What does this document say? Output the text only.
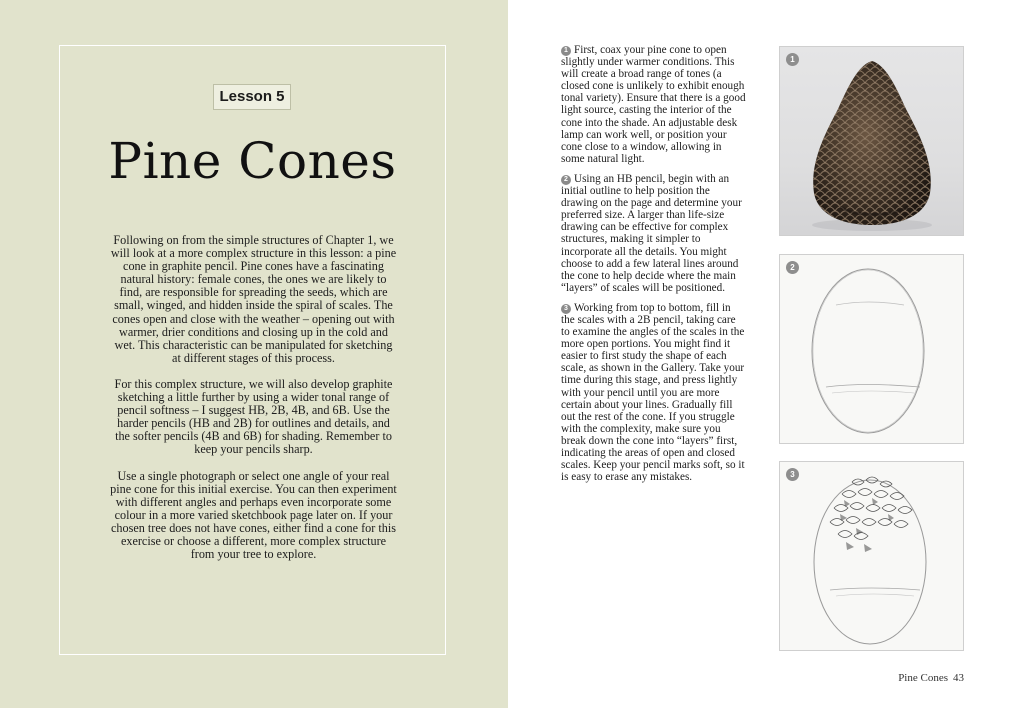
Lesson 5
Pine Cones

Following on from the simple structures of Chapter 1, we will look at a more complex structure in this lesson: a pine cone in graphite pencil. Pine cones have a fascinating natural history: female cones, the ones we are likely to find, are responsible for spreading the seeds, which are small, winged, and hidden inside the spiral of scales. The cones open and close with the weather – opening out with warmer, drier conditions and closing up in the cold and wet. This characteristic can be manipulated for sketching at different stages of this process.

For this complex structure, we will also develop graphite sketching a little further by using a wider tonal range of pencil softness – I suggest HB, 2B, 4B, and 6B. Use the harder pencils (HB and 2B) for outlines and details, and the softer pencils (4B and 6B) for shading. Remember to keep your pencils sharp.

Use a single photograph or select one angle of your real pine cone for this initial exercise. You can then experiment with different angles and perhaps even incorporate some colour in a more varied sketchbook page later on. If your chosen tree does not have cones, either find a cone for this exercise or choose a different, more complex structure from your tree to explore.

1 First, coax your pine cone to open slightly under warmer conditions. This will create a broad range of tones (a closed cone is unlikely to exhibit enough tonal variety). Ensure that there is a good light source, casting the interior of the cone into the shade. An adjustable desk lamp can work well, or position your cone close to a window, allowing in some natural light.

2 Using an HB pencil, begin with an initial outline to help position the drawing on the page and determine your preferred size. A larger than life-size drawing can be effective for complex structures, making it simpler to incorporate all the details. You might choose to add a few lateral lines around the cone to help decide where the main “layers” of scales will be positioned.

3 Working from top to bottom, fill in the scales with a 2B pencil, taking care to examine the angles of the scales in the more open portions. You might find it easier to first study the shape of each scale, as shown in the Gallery. Take your time during this stage, and press lightly with your pencil until you are more certain about your lines. Gradually fill out the rest of the cone. If you struggle with the complexity, make sure you break down the cone into “layers” first, indicating the areas of open and closed scales. Keep your pencil marks soft, so it is easy to erase any mistakes.

1
2
3
Pine Cones 43
